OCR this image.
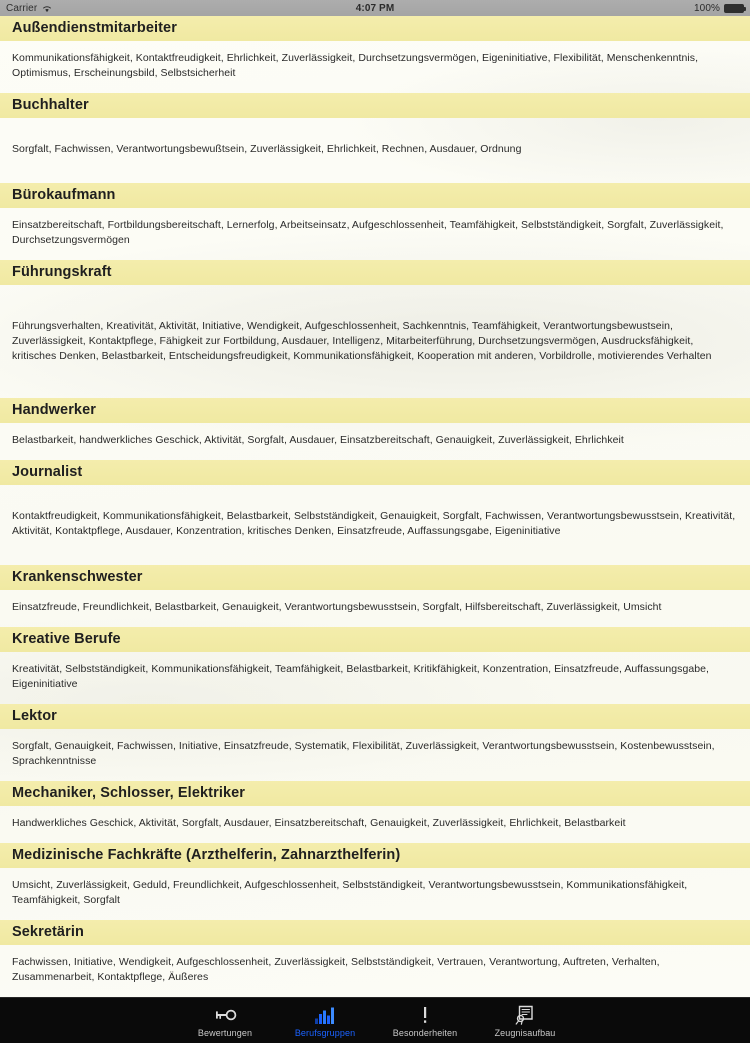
Carrier	4:07 PM	100%
Außendienstmitarbeiter
Kommunikationsfähigkeit, Kontaktfreudigkeit, Ehrlichkeit, Zuverlässigkeit, Durchsetzungsvermögen, Eigeninitiative, Flexibilität, Menschenkenntnis, Optimismus, Erscheinungsbild, Selbstsicherheit
Buchhalter
Sorgfalt, Fachwissen, Verantwortungsbewußtsein, Zuverlässigkeit, Ehrlichkeit, Rechnen, Ausdauer, Ordnung
Bürokaufmann
Einsatzbereitschaft, Fortbildungsbereitschaft, Lernerfolg, Arbeitseinsatz, Aufgeschlossenheit, Teamfähigkeit, Selbstständigkeit, Sorgfalt, Zuverlässigkeit, Durchsetzungsvermögen
Führungskraft
Führungsverhalten, Kreativität, Aktivität, Initiative, Wendigkeit, Aufgeschlossenheit, Sachkenntnis, Teamfähigkeit, Verantwortungsbewustsein, Zuverlässigkeit, Kontaktpflege, Fähigkeit zur Fortbildung, Ausdauer, Intelligenz, Mitarbeiterführung, Durchsetzungsvermögen, Ausdrucksfähigkeit, kritisches Denken, Belastbarkeit, Entscheidungsfreudigkeit, Kommunikationsfähigkeit, Kooperation mit anderen, Vorbildrolle, motivierendes Verhalten
Handwerker
Belastbarkeit, handwerkliches Geschick, Aktivität, Sorgfalt, Ausdauer, Einsatzbereitschaft, Genauigkeit, Zuverlässigkeit, Ehrlichkeit
Journalist
Kontaktfreudigkeit, Kommunikationsfähigkeit, Belastbarkeit, Selbstständigkeit, Genauigkeit, Sorgfalt, Fachwissen, Verantwortungsbewusstsein, Kreativität, Aktivität, Kontaktpflege, Ausdauer, Konzentration, kritisches Denken, Einsatzfreude, Auffassungsgabe, Eigeninitiative
Krankenschwester
Einsatzfreude, Freundlichkeit, Belastbarkeit, Genauigkeit, Verantwortungsbewusstsein, Sorgfalt, Hilfsbereitschaft, Zuverlässigkeit, Umsicht
Kreative Berufe
Kreativität, Selbstständigkeit, Kommunikationsfähigkeit, Teamfähigkeit, Belastbarkeit, Kritikfähigkeit, Konzentration, Einsatzfreude, Auffassungsgabe, Eigeninitiative
Lektor
Sorgfalt, Genauigkeit, Fachwissen, Initiative, Einsatzfreude, Systematik, Flexibilität, Zuverlässigkeit, Verantwortungsbewusstsein, Kostenbewusstsein, Sprachkenntnisse
Mechaniker, Schlosser, Elektriker
Handwerkliches Geschick, Aktivität, Sorgfalt, Ausdauer, Einsatzbereitschaft, Genauigkeit, Zuverlässigkeit, Ehrlichkeit, Belastbarkeit
Medizinische Fachkräfte (Arzthelferin, Zahnarzthelferin)
Umsicht, Zuverlässigkeit, Geduld, Freundlichkeit, Aufgeschlossenheit, Selbstständigkeit, Verantwortungsbewusstsein, Kommunikationsfähigkeit, Teamfähigkeit, Sorgfalt
Sekretärin
Fachwissen, Initiative, Wendigkeit, Aufgeschlossenheit, Zuverlässigkeit, Selbstständigkeit, Vertrauen, Verantwortung, Auftreten, Verhalten, Zusammenarbeit, Kontaktpflege, Äußeres
Bewertungen	Berufsgruppen	Besonderheiten	Zeugnisaufbau
